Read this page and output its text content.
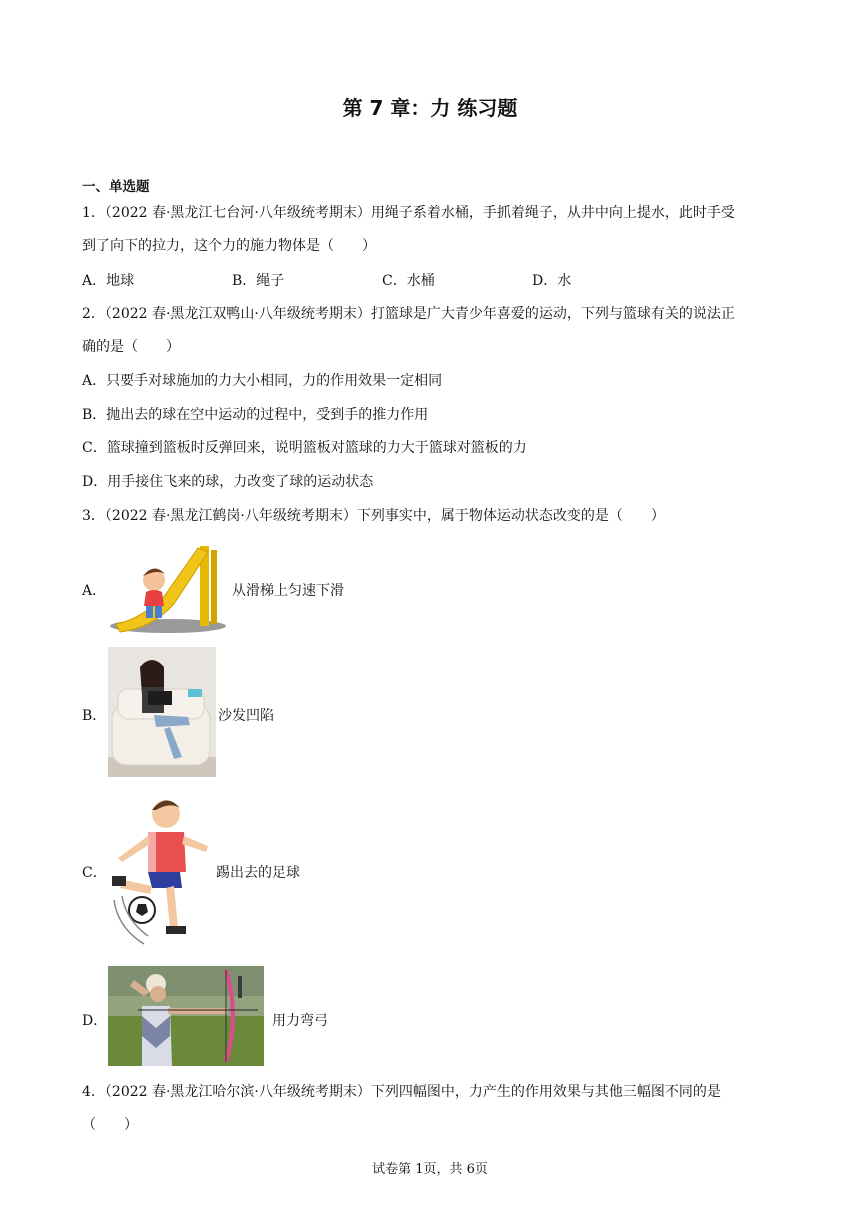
第 7 章：力 练习题
一、单选题
1．（2022 春·黑龙江七台河·八年级统考期末）用绳子系着水桶，手抓着绳子，从井中向上提水，此时手受
到了向下的拉力，这个力的施力物体是（　　）
A．地球	B．绳子	C．水桶	D．水
2．（2022 春·黑龙江双鸭山·八年级统考期末）打篮球是广大青少年喜爱的运动，下列与篮球有关的说法正
确的是（　　）
A．只要手对球施加的力大小相同，力的作用效果一定相同
B．抛出去的球在空中运动的过程中，受到手的推力作用
C．篮球撞到篮板时反弹回来，说明篮板对篮球的力大于篮球对篮板的力
D．用手接住飞来的球，力改变了球的运动状态
3．（2022 春·黑龙江鹤岗·八年级统考期末）下列事实中，属于物体运动状态改变的是（　　）
A．	从滑梯上匀速下滑
B．	沙发凹陷
C．	踢出去的足球
D．	用力弯弓
4．（2022 春·黑龙江哈尔滨·八年级统考期末）下列四幅图中，力产生的作用效果与其他三幅图不同的是
（　　）
试卷第 1页，共 6页
